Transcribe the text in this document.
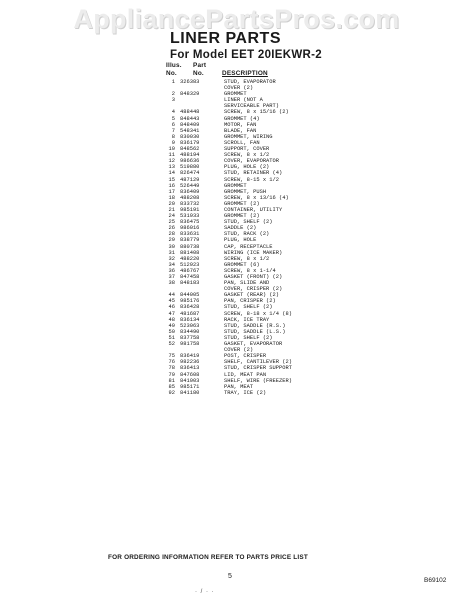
AppliancePartsPros.com
LINER PARTS
For Model EET 20IEKWR-2
Illus. Part
No.	No.	DESCRIPTION
1 326383	STUD, EVAPORATOR
COVER (2)
2 848329	GROMMET
3	LINER (NOT A
SERVICEABLE PART)
4 488448	SCREW, 8 x 15/16 (2)
5 848443	GROMMET (4)
6 848409	MOTOR, FAN
7 548341	BLADE, FAN
8 830030	GROMMET, WIRING
9 836179	SCROLL, FAN
10 848562	SUPPORT, COVER
11 488194	SCREW, 8 x 1/2
12 986636	COVER, EVAPORATOR
13 519880	PLUG, HOLE (2)
14 826474	STUD, RETAINER (4)
15 487129	SCREW, 8-15 x 1/2
16 526449	GROMMET
17 836409	GROMMET, PUSH
18 488208	SCREW, 8 x 13/16 (4)
20 833732	GROMMET (2)
21 985191	CONTAINER, UTILITY
24 531933	GROMMET (2)
25 836475	STUD, SHELF (2)
26 986016	SADDLE (2)
28 833631	STUD, RACK (2)
29 838779	PLUG, HOLE
30 880738	CAP, RECEPTACLE
31 881408	WIRING (ICE MAKER)
32 488220	SCREW, 8 x 1/2
34 512923	GROMMET (6)
36 486767	SCREW, 8 x 1-1/4
37 847458	GASKET (FRONT) (2)
38 848183	PAN, SLIDE AND
COVER, CRISPER (2)
44 844005	GASKET (REAR) (2)
45 985176	PAN, CRISPER (2)
46 836428	STUD, SHELF (2)
47 481687	SCREW, 8-18 x 1/4 (8)
48 836134	RACK, ICE TRAY
49 523063	STUD, SADDLE (R.S.)
50 834490	STUD, SADDLE (L.S.)
51 837758	STUD, SHELF (2)
52 981758	GASKET, EVAPORATOR
COVER (2)
75 836419	POST, CRISPER
76 982236	SHELF, CANTILEVER (2)
78 836413	STUD, CRISPER SUPPORT
79 847608	LID, MEAT PAN
81 841003	SHELF, WIRE (FREEZER)
85 985171	PAN, MEAT
92 841180	TRAY, ICE (2)
FOR ORDERING INFORMATION REFER TO PARTS PRICE LIST
5
B69102
· / · ·
